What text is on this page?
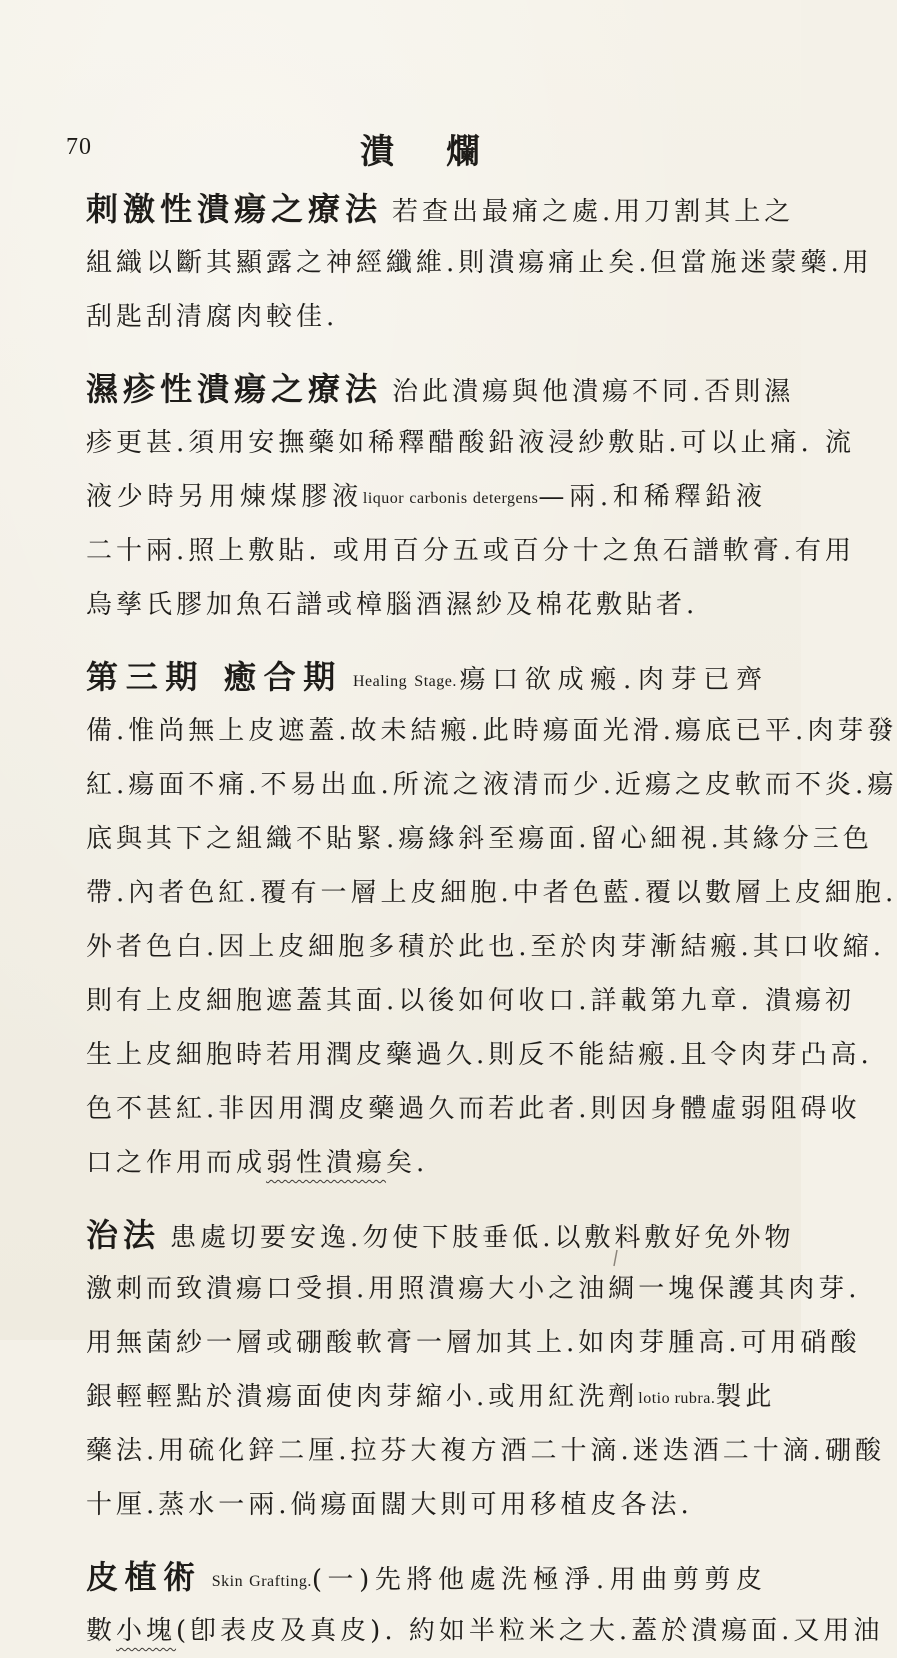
70	潰爛
刺激性潰瘍之療法 若查出最痛之處.用刀割其上之
組織以斷其顯露之神經纖維.則潰瘍痛止矣.但當施迷蒙藥.用
刮匙刮清腐肉較佳.
濕疹性潰瘍之療法 治此潰瘍與他潰瘍不同.否則濕
疹更甚.須用安撫藥如稀釋醋酸鉛液浸紗敷貼.可以止痛. 流
液少時另用煉煤膠液liquor carbonis detergens—兩.和稀釋鉛液
二十兩.照上敷貼. 或用百分五或百分十之魚石譜軟膏.有用
烏孳氏膠加魚石譜或樟腦酒濕紗及棉花敷貼者.
第三期 癒合期 Healing Stage.瘍口欲成瘢.肉芽已齊
備.惟尚無上皮遮蓋.故未結瘢.此時瘍面光滑.瘍底已平.肉芽發
紅.瘍面不痛.不易出血.所流之液清而少.近瘍之皮軟而不炎.瘍
底與其下之組織不貼緊.瘍緣斜至瘍面.留心細視.其緣分三色
帶.內者色紅.覆有一層上皮細胞.中者色藍.覆以數層上皮細胞.
外者色白.因上皮細胞多積於此也.至於肉芽漸結瘢.其口收縮.
則有上皮細胞遮蓋其面.以後如何收口.詳載第九章. 潰瘍初
生上皮細胞時若用潤皮藥過久.則反不能結瘢.且令肉芽凸高.
色不甚紅.非因用潤皮藥過久而若此者.則因身體虛弱阻碍收
口之作用而成弱性潰瘍矣.
治法 患處切要安逸.勿使下肢垂低.以敷料敷好免外物
激刺而致潰瘍口受損.用照潰瘍大小之油綢一塊保護其肉芽.
用無菌紗一層或硼酸軟膏一層加其上.如肉芽腫高.可用硝酸
銀輕輕點於潰瘍面使肉芽縮小.或用紅洗劑lotio rubra.製此
藥法.用硫化鋅二厘.拉芬大複方酒二十滴.迷迭酒二十滴.硼酸
十厘.蒸水一兩.倘瘍面闊大則可用移植皮各法.
皮植術 Skin Grafting.(一)先將他處洗極淨.用曲剪剪皮
數小塊(卽表皮及真皮). 約如半粒米之大.蓋於潰瘍面.又用油
